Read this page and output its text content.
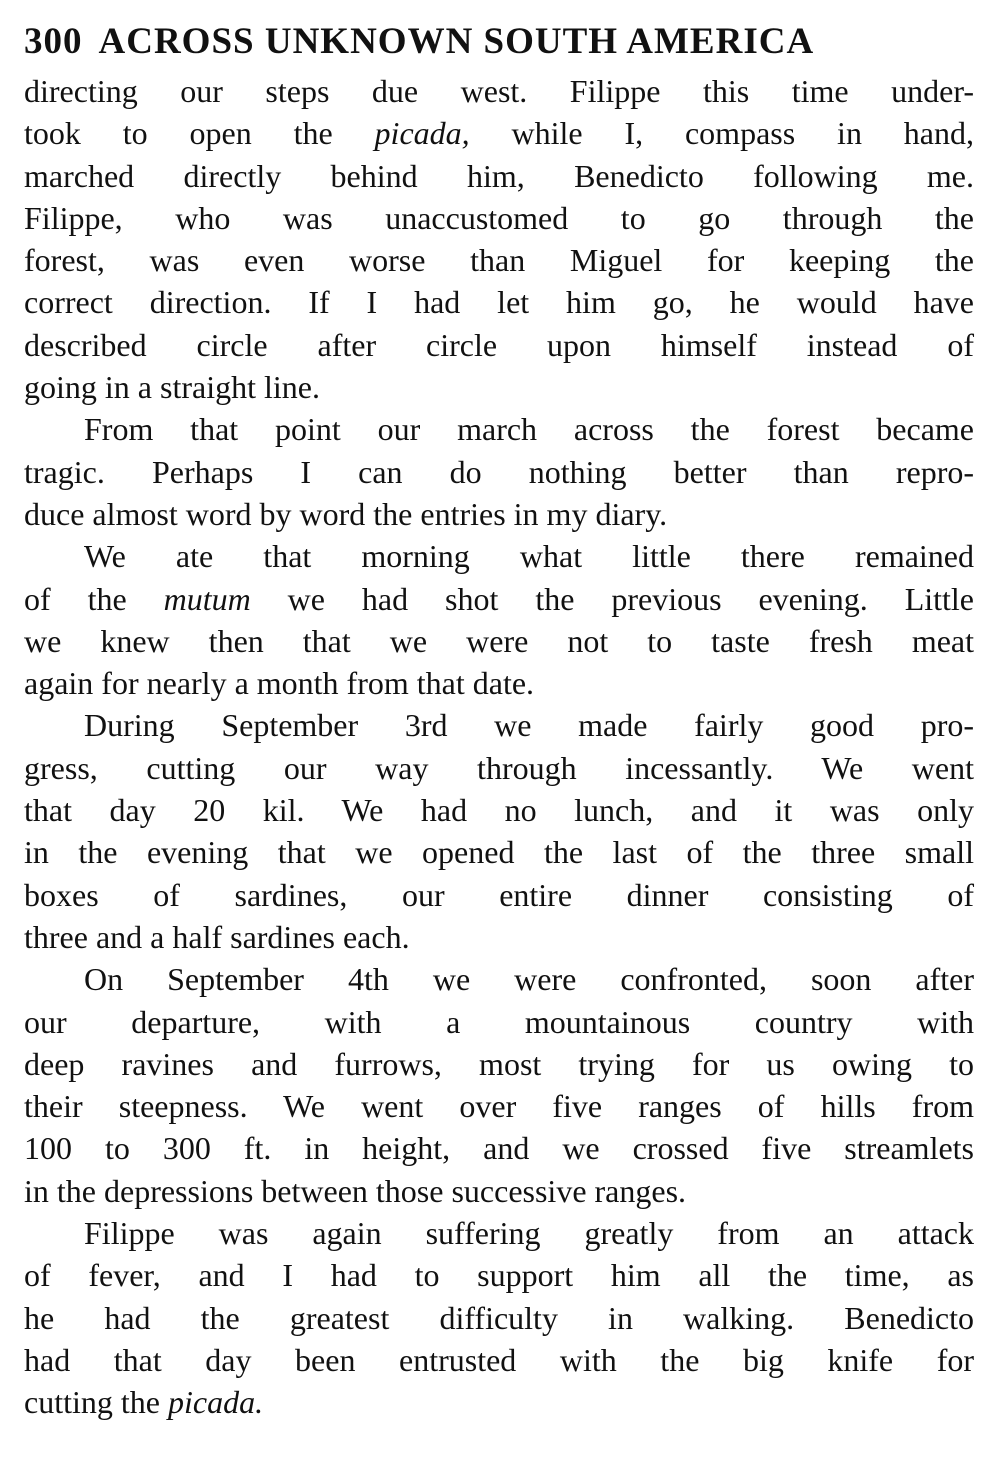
300 ACROSS UNKNOWN SOUTH AMERICA
directing our steps due west. Filippe this time under-
took to open the picada, while I, compass in hand,
marched directly behind him, Benedicto following me.
Filippe, who was unaccustomed to go through the
forest, was even worse than Miguel for keeping the
correct direction. If I had let him go, he would have
described circle after circle upon himself instead of
going in a straight line.
From that point our march across the forest became
tragic. Perhaps I can do nothing better than repro-
duce almost word by word the entries in my diary.
We ate that morning what little there remained
of the mutum we had shot the previous evening. Little
we knew then that we were not to taste fresh meat
again for nearly a month from that date.
During September 3rd we made fairly good pro-
gress, cutting our way through incessantly. We went
that day 20 kil. We had no lunch, and it was only
in the evening that we opened the last of the three small
boxes of sardines, our entire dinner consisting of
three and a half sardines each.
On September 4th we were confronted, soon after
our departure, with a mountainous country with
deep ravines and furrows, most trying for us owing to
their steepness. We went over five ranges of hills from
100 to 300 ft. in height, and we crossed five streamlets
in the depressions between those successive ranges.
Filippe was again suffering greatly from an attack
of fever, and I had to support him all the time, as
he had the greatest difficulty in walking. Benedicto
had that day been entrusted with the big knife for
cutting the picada.
